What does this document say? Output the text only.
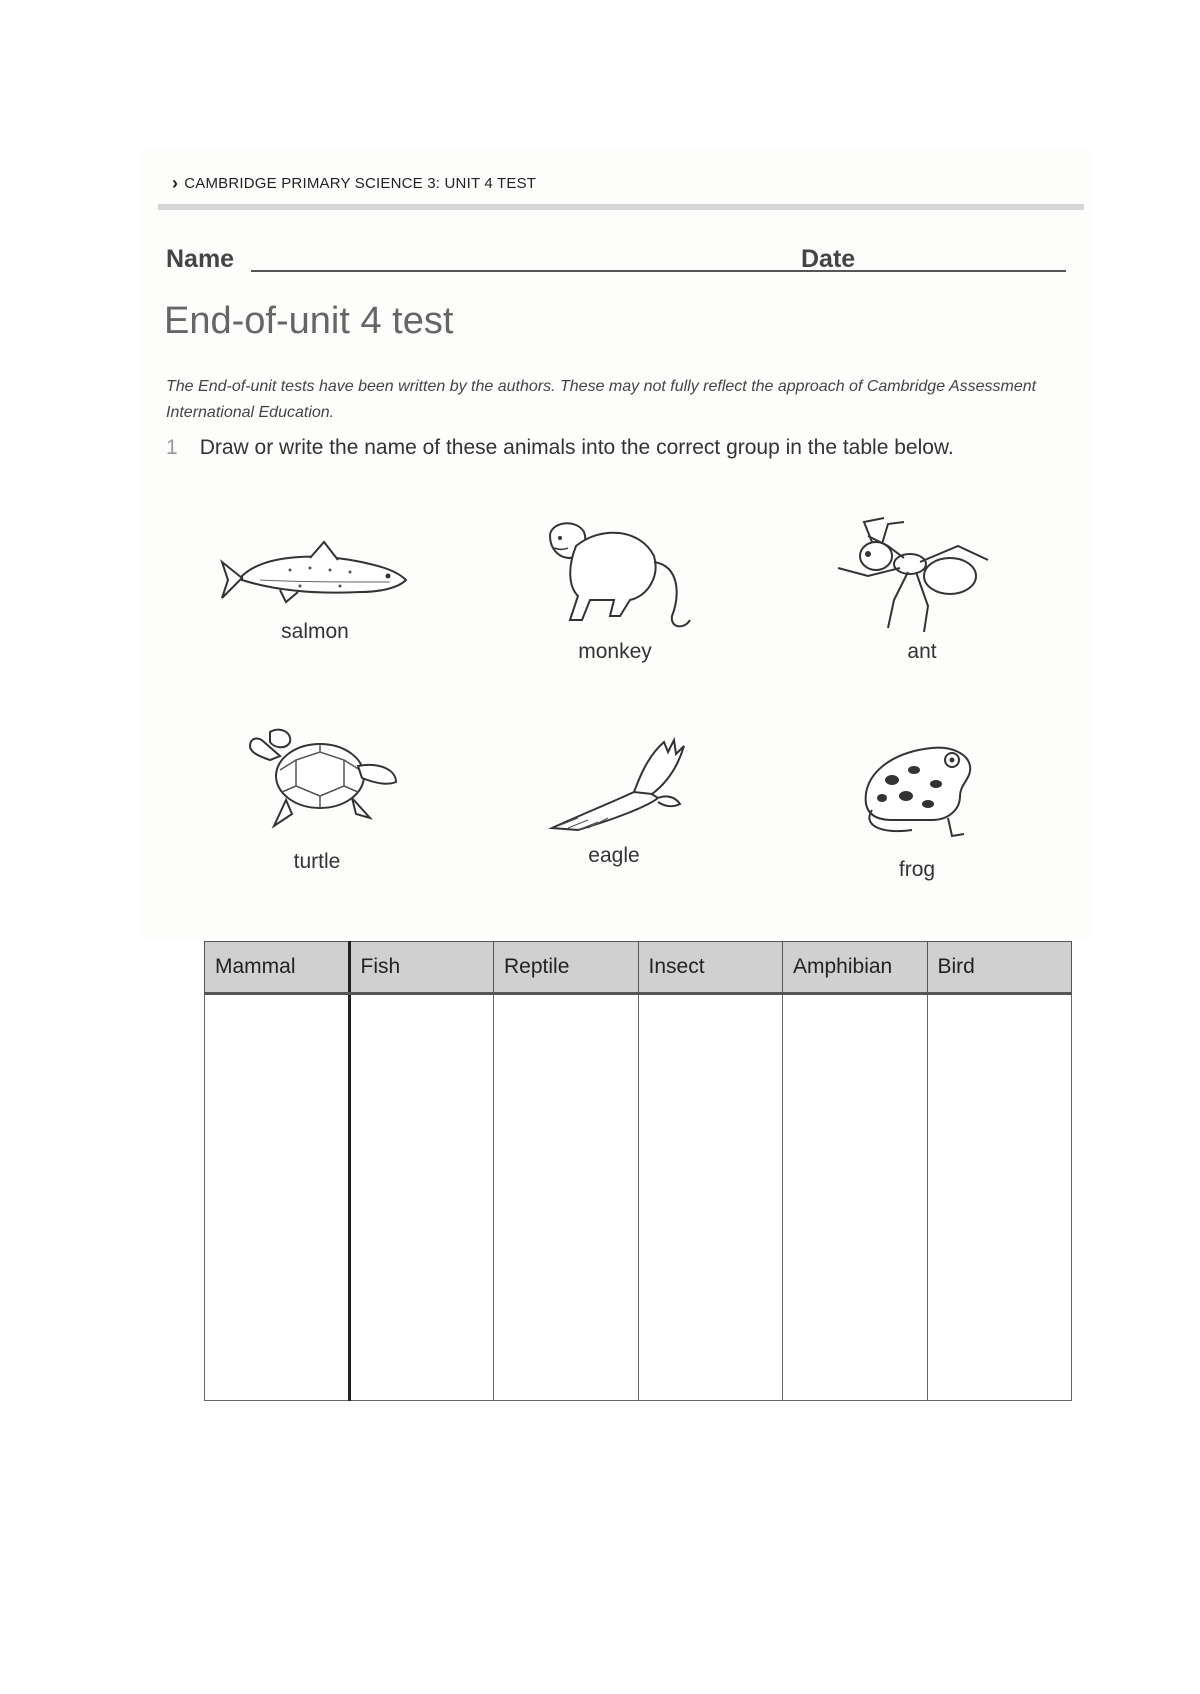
› CAMBRIDGE PRIMARY SCIENCE 3: UNIT 4 TEST
Name	Date
End-of-unit 4 test
The End-of-unit tests have been written by the authors. These may not fully reflect the approach of Cambridge Assessment International Education.
1 Draw or write the name of these animals into the correct group in the table below.
salmon
monkey	ant
turtle	eagle
frog
Mammal	Fish	Reptile	Insect	Amphibian	Bird
